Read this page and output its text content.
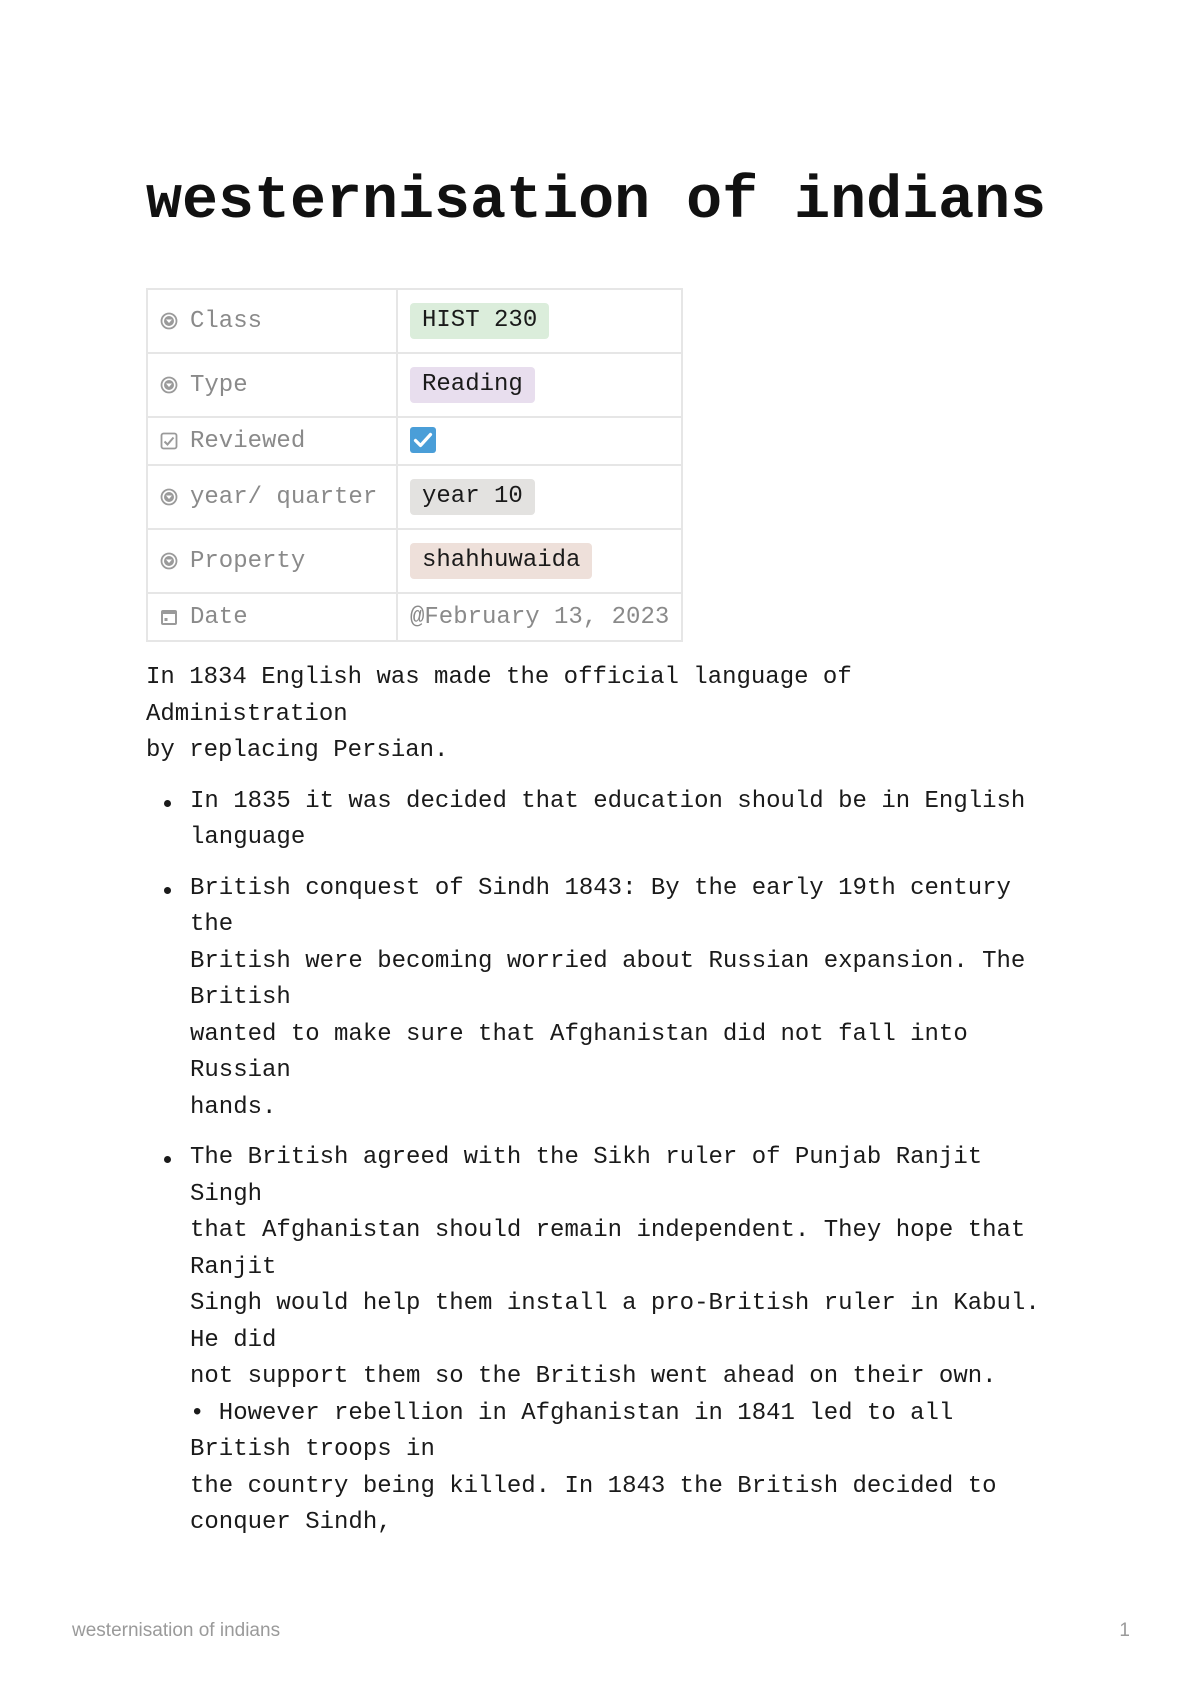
westernisation of indians
Class	HIST 230
Type	Reading
Reviewed	

year/ quarter	year 10
Property	shahhuwaida
Date	@February 13, 2023

In 1834 English was made the official language of

Administration

by replacing Persian.

In 1835 it was decided that education should be in English

language

British conquest of Sindh 1843: By the early 19th century

the

British were becoming worried about Russian expansion. The

British

wanted to make sure that Afghanistan did not fall into

Russian

hands.

The British agreed with the Sikh ruler of Punjab Ranjit

Singh

that Afghanistan should remain independent. They hope that

Ranjit

Singh would help them install a pro-British ruler in Kabul.

He did

not support them so the British went ahead on their own.

• However rebellion in Afghanistan in 1841 led to all

British troops in

the country being killed. In 1843 the British decided to

conquer Sindh,

westernisation of indians	1
